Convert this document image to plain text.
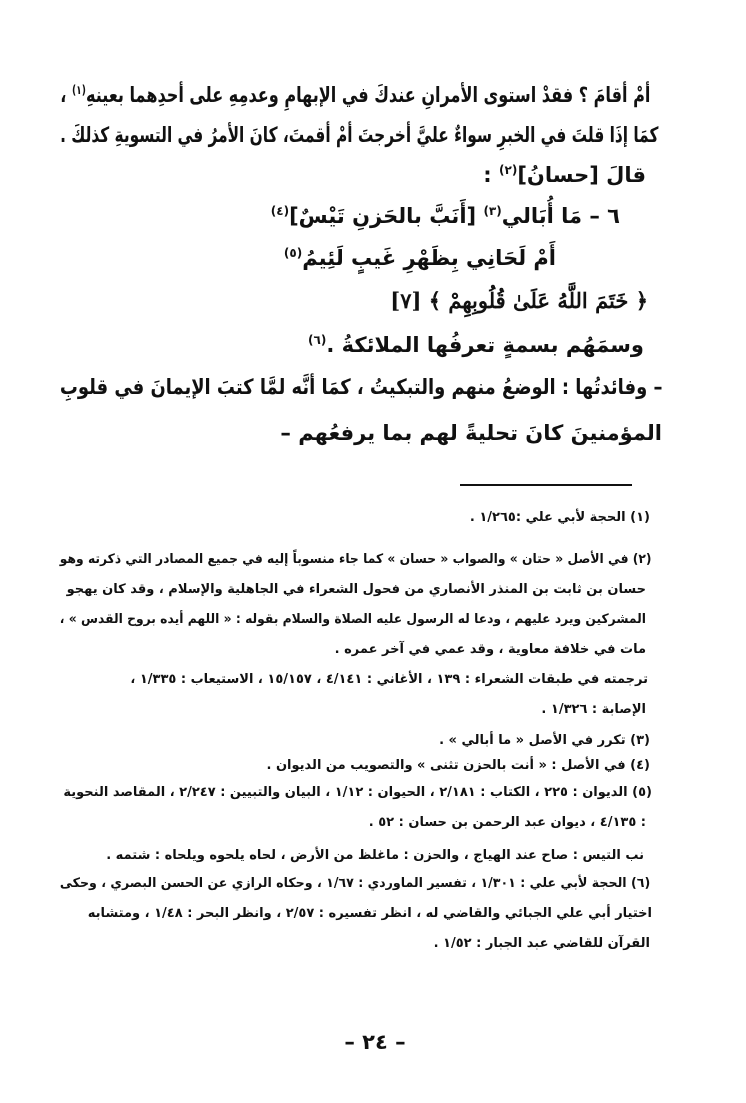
أمْ أقامَ ؟ فقدْ استوى الأمرانِ عندكَ في الإبهامِ وعدمِهِ على أحدِهما بعينهِ$^{(١)}$ ،
كمَا إذَا قلتَ في الخبرِ سواءٌ عليَّ أخرجتَ أمْ أقمتَ، كانَ الأمرُ في التسويةِ كذلكَ .
قالَ [حسانُ]$^{(٢)}$ :
٦ – مَا أُبَالي$^{(٣)}$ [أَنَبَّ بالحَزنِ تَيْسٌ]$^{(٤)}$
أَمْ لَحَانِي بِظَهْرِ غَيبٍ لَئِيمُ$^{(٥)}$
﴿ خَتَمَ اللَّهُ عَلَىٰ قُلُوبِهِمْ ﴾ [٧]
وسمَهُم بسمةٍ تعرفُها الملائكةُ .$^{(٦)}$
– وفائدتُها : الوضعُ منهم والتبكيتُ ، كمَا أنَّه لمَّا كتبَ الإيمانَ في قلوبِ
المؤمنينَ كانَ تحليةً لهم بما يرفعُهم –
(١) الحجة لأبي علي :١/٢٦٥ .
(٢) في الأصل « حتان » والصواب « حسان » كما جاء منسوباً إليه في جميع المصادر التي ذكرته وهو
حسان بن ثابت بن المنذر الأنصاري من فحول الشعراء في الجاهلية والإسلام ، وقد كان يهجو
المشركين ويرد عليهم ، ودعا له الرسول عليه الصلاة والسلام بقوله : « اللهم أيده بروح القدس » ،
مات في خلافة معاوية ، وقد عمي في آخر عمره .
ترجمته في طبقات الشعراء : ١٣٩ ، الأغاني : ٤/١٤١ ، ١٥/١٥٧ ، الاستيعاب : ١/٣٣٥ ،
الإصابة : ١/٣٢٦ .
(٣) تكرر في الأصل « ما أبالي » .
(٤) في الأصل : « أنت بالحزن تثنى » والتصويب من الديوان .
(٥) الديوان : ٢٢٥ ، الكتاب : ٢/١٨١ ، الحيوان : ١/١٢ ، البيان والتبيين : ٢/٢٤٧ ، المقاصد النحوية
: ٤/١٣٥ ، ديوان عبد الرحمن بن حسان : ٥٢ .
نب التيس : صاح عند الهياج ، والحزن : ماغلظ من الأرض ، لحاه يلحوه ويلحاه : شتمه .
(٦) الحجة لأبي علي : ١/٣٠١ ، تفسير الماوردي : ١/٦٧ ، وحكاه الرازي عن الحسن البصري ، وحكى
اختيار أبي علي الجبائي والقاضي له ، انظر تفسيره : ٢/٥٧ ، وانظر البحر : ١/٤٨ ، ومتشابه
القرآن للقاضي عبد الجبار : ١/٥٢ .
– ٢٤ –
